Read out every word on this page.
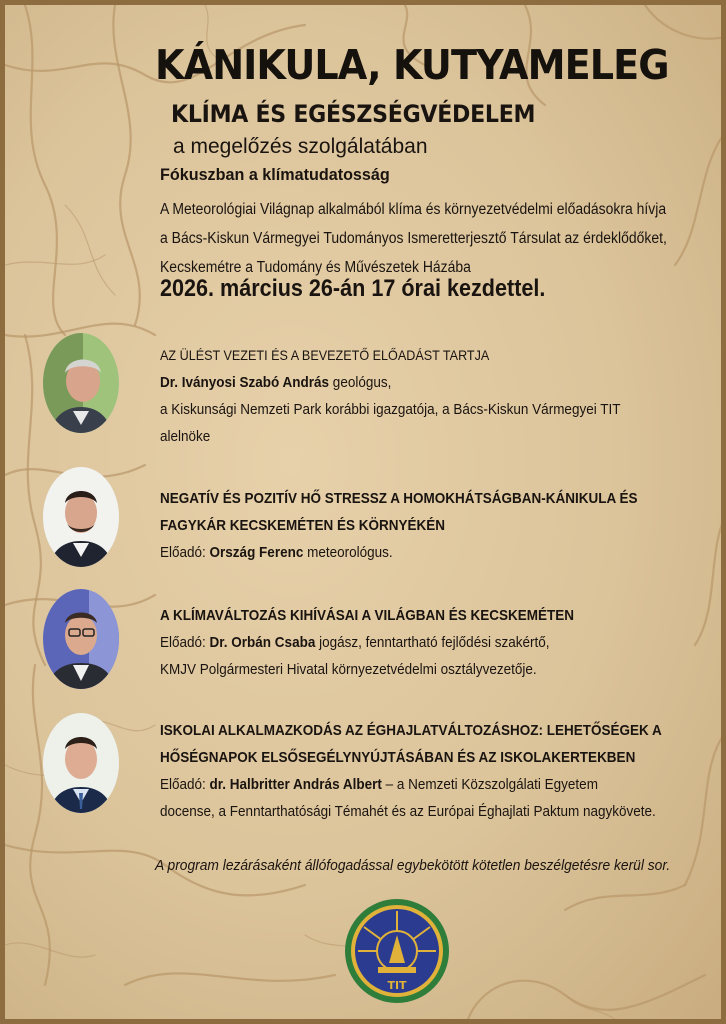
KÁNIKULA, KUTYAMELEG
KLÍMA ÉS EGÉSZSÉGVÉDELEM
a megelőzés szolgálatában
Fókuszban a klímatudatosság
A Meteorológiai Világnap alkalmából klíma és környezetvédelmi előadásokra hívja
a Bács-Kiskun Vármegyei Tudományos Ismeretterjesztő Társulat az érdeklődőket,
Kecskemétre a Tudomány és Művészetek Házába
2026. március 26-án 17 órai kezdettel.
AZ ÜLÉST VEZETI ÉS A BEVEZETŐ ELŐADÁST TARTJA
Dr. Iványosi Szabó András geológus,
a Kiskunsági Nemzeti Park korábbi igazgatója, a Bács-Kiskun Vármegyei TIT
alelnöke
NEGATÍV ÉS POZITÍV HŐ STRESSZ A HOMOKHÁTSÁGBAN-KÁNIKULA ÉS
FAGYKÁR KECSKEMÉTEN ÉS KÖRNYÉKÉN
Előadó: Ország Ferenc meteorológus.
A KLÍMAVÁLTOZÁS KIHÍVÁSAI A VILÁGBAN ÉS KECSKEMÉTEN
Előadó: Dr. Orbán Csaba jogász, fenntartható fejlődési szakértő,
KMJV Polgármesteri Hivatal környezetvédelmi osztályvezetője.
ISKOLAI ALKALMAZKODÁS AZ ÉGHAJLATVÁLTOZÁSHOZ: LEHETŐSÉGEK A
HŐSÉGNAPOK ELSŐSEGÉLYNYÚJTÁSÁBAN ÉS AZ ISKOLAKERTEKBEN
Előadó: dr. Halbritter András Albert – a Nemzeti Közszolgálati Egyetem
docense, a Fenntarthatósági Témahét és az Európai Éghajlati Paktum nagykövete.
A program lezárásaként állófogadással egybekötött kötetlen beszélgetésre kerül sor.
TIT
